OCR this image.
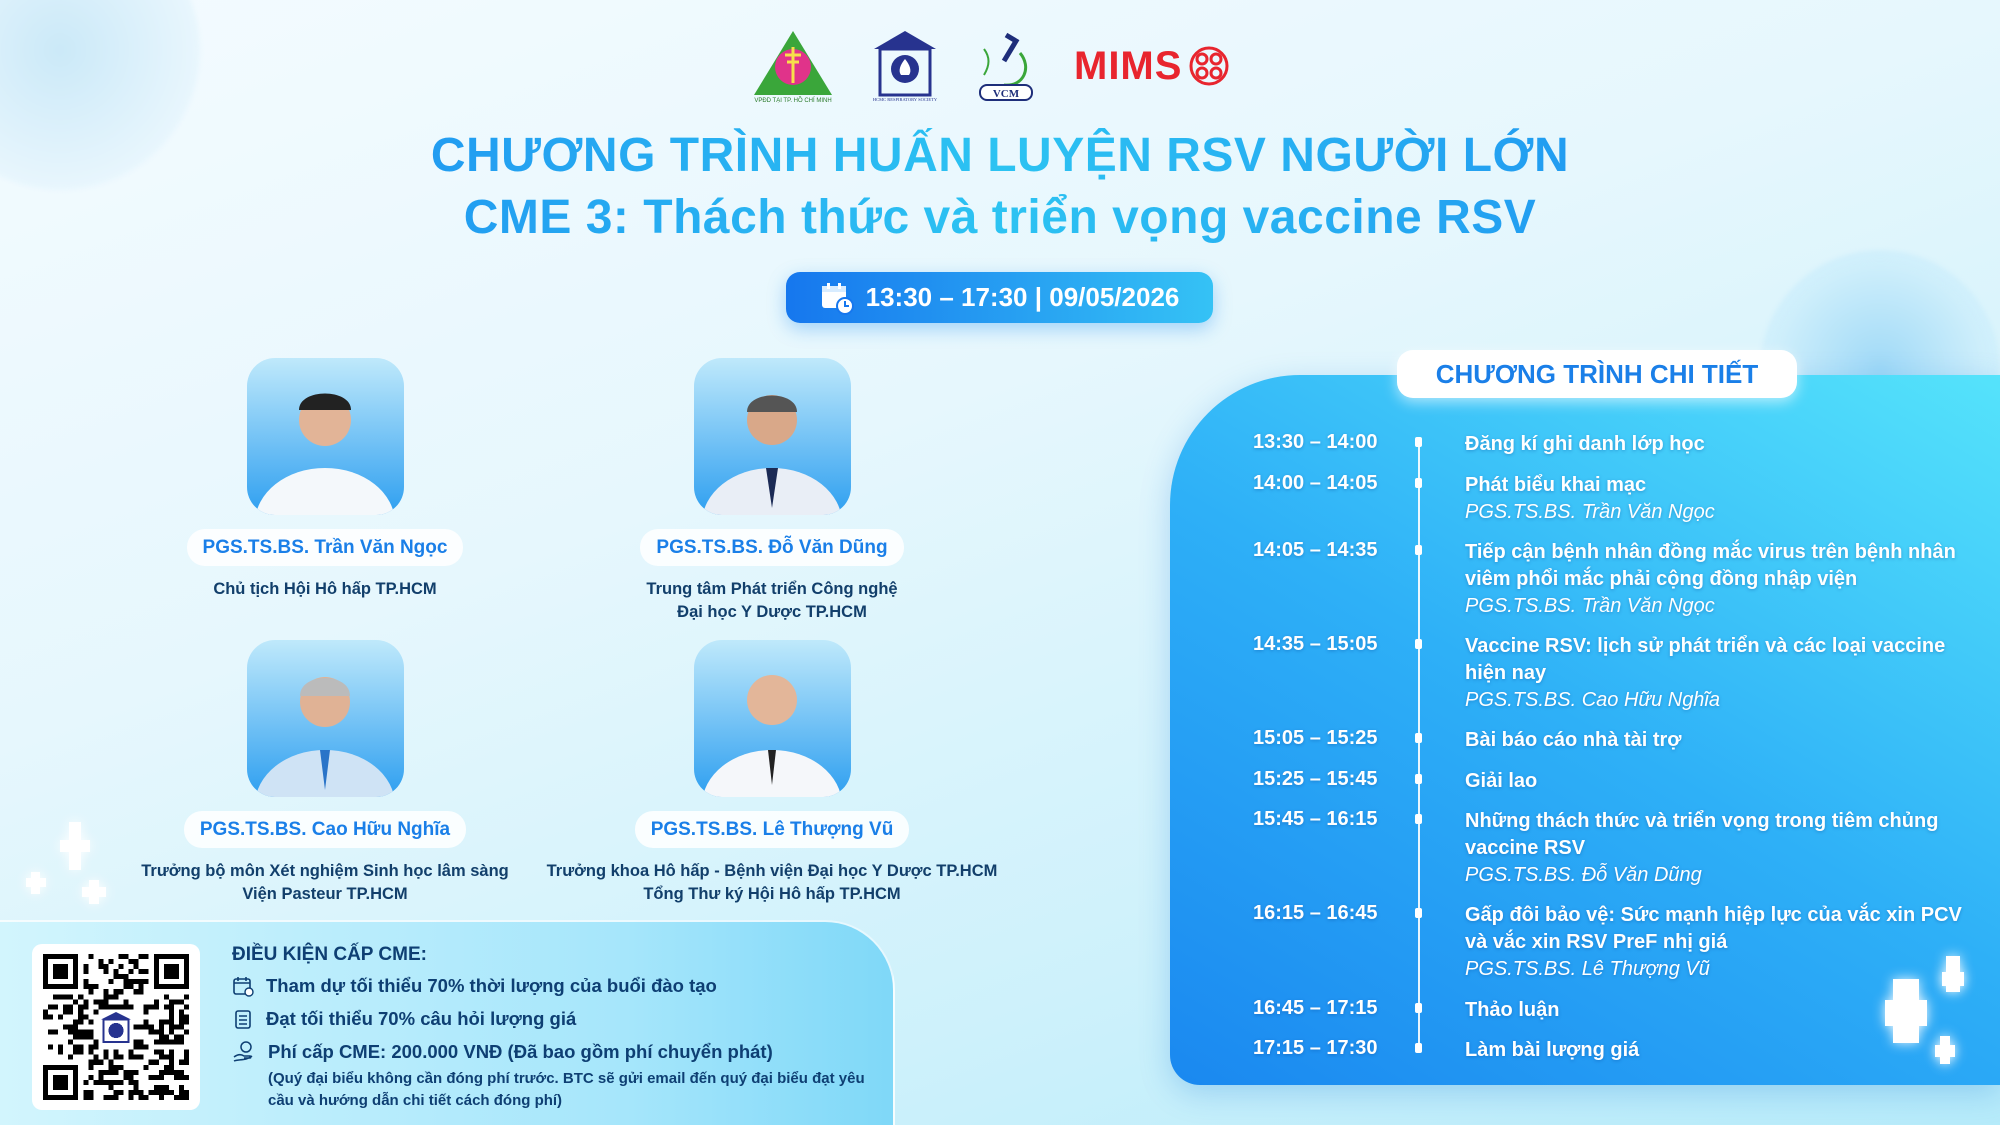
VPĐD TẠI TP. HỒ CHÍ MINH	HCMC RESPIRATORY SOCIETY	VCM
MIMS
CHƯƠNG TRÌNH HUẤN LUYỆN RSV NGƯỜI LỚN
CME 3: Thách thức và triển vọng vaccine RSV
13:30 – 17:30 | 09/05/2026
PGS.TS.BS. Trần Văn Ngọc
Chủ tịch Hội Hô hấp TP.HCM
PGS.TS.BS. Đỗ Văn Dũng
Trung tâm Phát triển Công nghệ
Đại học Y Dược TP.HCM
PGS.TS.BS. Cao Hữu Nghĩa
Trưởng bộ môn Xét nghiệm Sinh học lâm sàng
Viện Pasteur TP.HCM
PGS.TS.BS. Lê Thượng Vũ
Trưởng khoa Hô hấp - Bệnh viện Đại học Y Dược TP.HCM
Tổng Thư ký Hội Hô hấp TP.HCM
ĐIỀU KIỆN CẤP CME:
Tham dự tối thiểu 70% thời lượng của buổi đào tạo
Đạt tối thiểu 70% câu hỏi lượng giá
Phí cấp CME: 200.000 VNĐ (Đã bao gồm phí chuyển phát)
(Quý đại biểu không cần đóng phí trước. BTC sẽ gửi email đến quý đại biểu đạt yêu cầu và hướng dẫn chi tiết cách đóng phí)
CHƯƠNG TRÌNH CHI TIẾT
13:30 – 14:00	Đăng kí ghi danh lớp học
14:00 – 14:05	Phát biểu khai mạc
PGS.TS.BS. Trần Văn Ngọc
14:05 – 14:35	Tiếp cận bệnh nhân đồng mắc virus trên bệnh nhân viêm phổi mắc phải cộng đồng nhập viện
PGS.TS.BS. Trần Văn Ngọc
14:35 – 15:05	Vaccine RSV: lịch sử phát triển và các loại vaccine hiện nay
PGS.TS.BS. Cao Hữu Nghĩa
15:05 – 15:25	Bài báo cáo nhà tài trợ
15:25 – 15:45	Giải lao
15:45 – 16:15	Những thách thức và triển vọng trong tiêm chủng vaccine RSV
PGS.TS.BS. Đỗ Văn Dũng
16:15 – 16:45	Gấp đôi bảo vệ: Sức mạnh hiệp lực của vắc xin PCV và vắc xin RSV PreF nhị giá
PGS.TS.BS. Lê Thượng Vũ
16:45 – 17:15	Thảo luận
17:15 – 17:30	Làm bài lượng giá
